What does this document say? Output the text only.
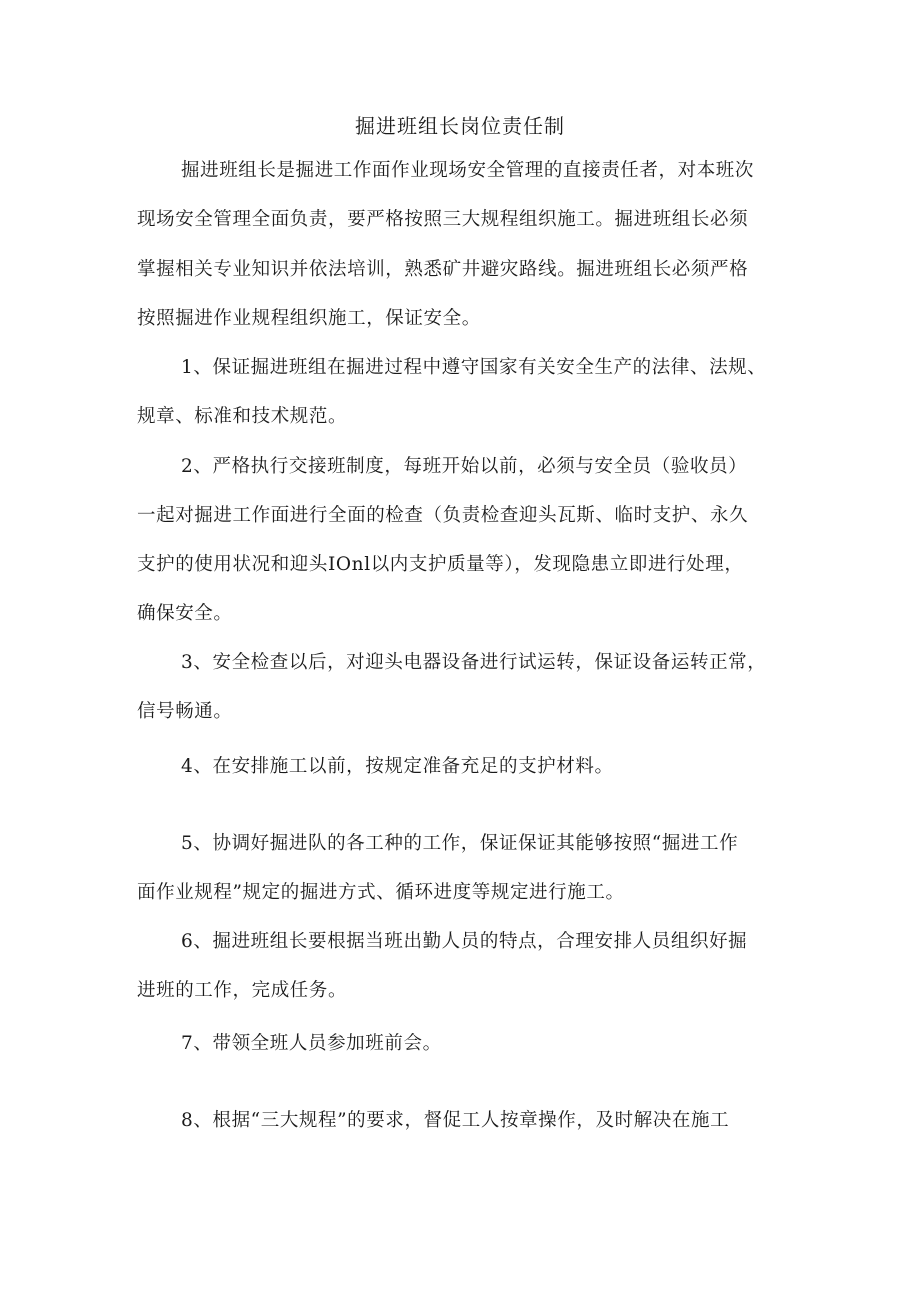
掘进班组长岗位责任制
掘进班组长是掘进工作面作业现场安全管理的直接责任者，对本班次
现场安全管理全面负责，要严格按照三大规程组织施工。掘进班组长必须
掌握相关专业知识并依法培训，熟悉矿井避灾路线。掘进班组长必须严格
按照掘进作业规程组织施工，保证安全。
1、保证掘进班组在掘进过程中遵守国家有关安全生产的法律、法规、
规章、标准和技术规范。
2、严格执行交接班制度，每班开始以前，必须与安全员（验收员）
一起对掘进工作面进行全面的检查（负责检查迎头瓦斯、临时支护、永久
支护的使用状况和迎头IOnl以内支护质量等），发现隐患立即进行处理，
确保安全。
3、安全检查以后，对迎头电器设备进行试运转，保证设备运转正常，
信号畅通。
4、在安排施工以前，按规定准备充足的支护材料。
5、协调好掘进队的各工种的工作，保证保证其能够按照“掘进工作
面作业规程”规定的掘进方式、循环进度等规定进行施工。
6、掘进班组长要根据当班出勤人员的特点，合理安排人员组织好掘
进班的工作，完成任务。
7、带领全班人员参加班前会。
8、根据“三大规程”的要求，督促工人按章操作，及时解决在施工
